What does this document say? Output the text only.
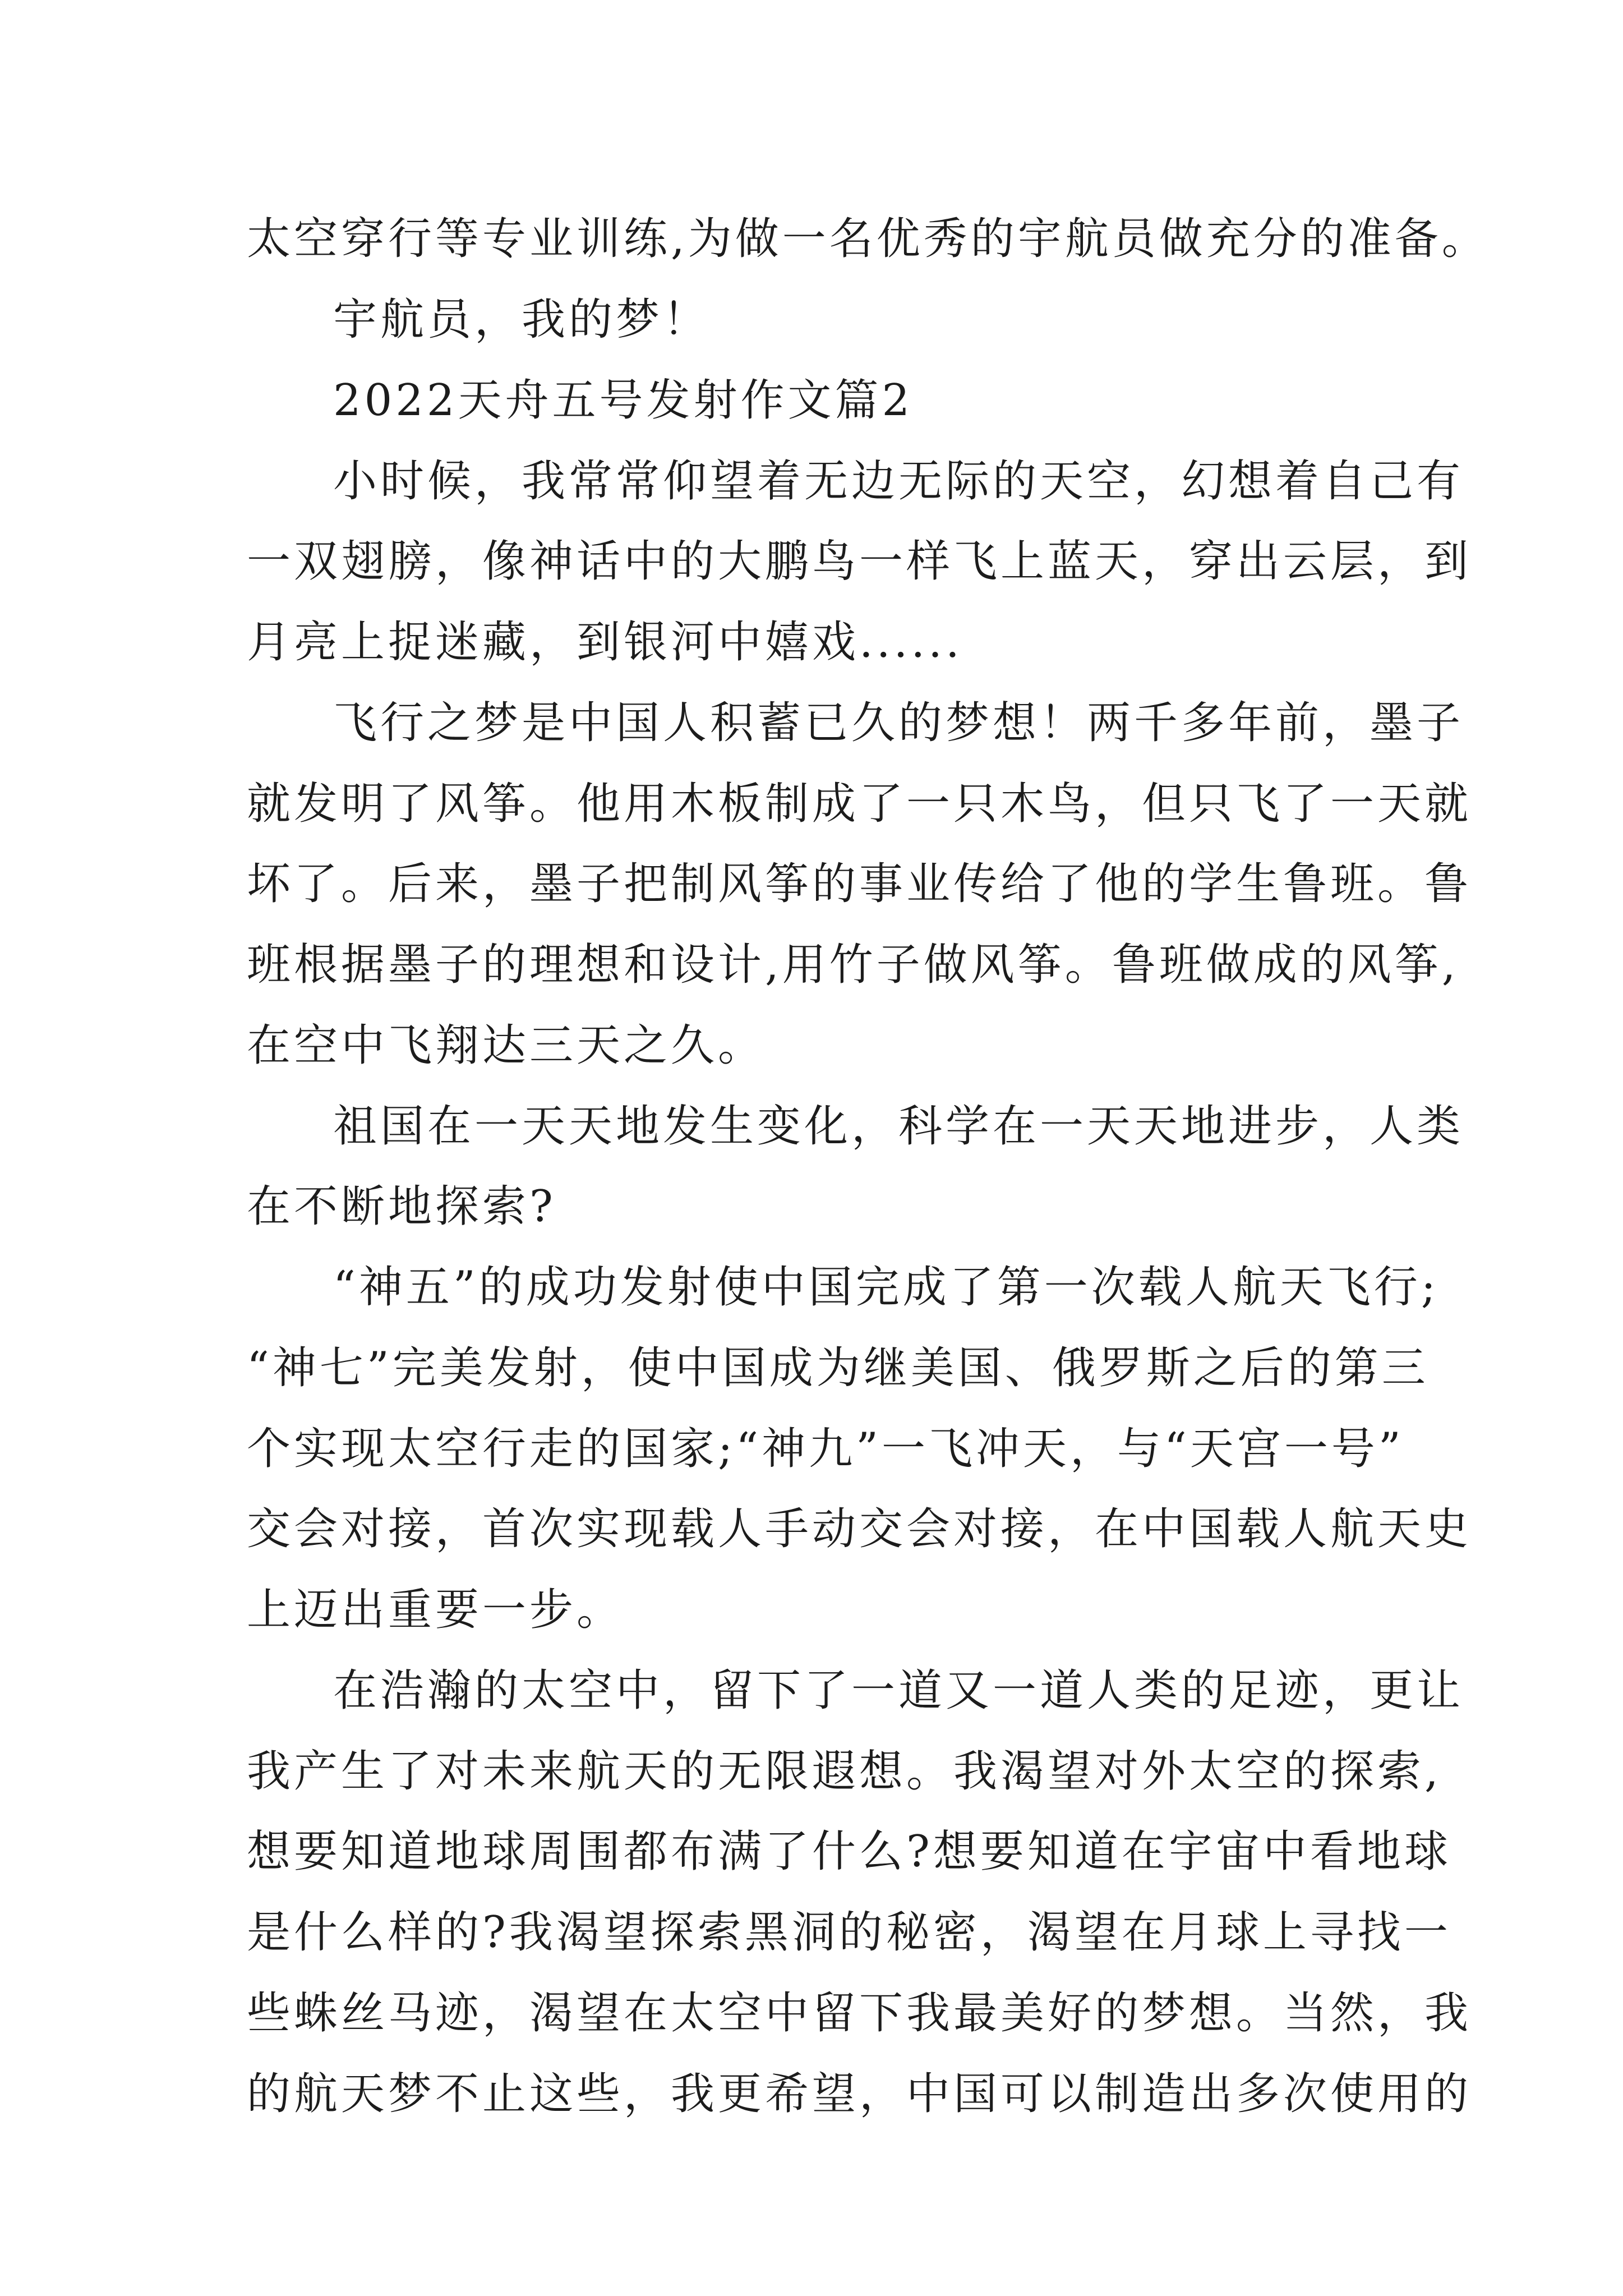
太空穿行等专业训练,为做一名优秀的宇航员做充分的准备。
宇航员，我的梦！
2022天舟五号发射作文篇2
小时候，我常常仰望着无边无际的天空，幻想着自己有
一双翅膀，像神话中的大鹏鸟一样飞上蓝天，穿出云层，到
月亮上捉迷藏，到银河中嬉戏......
飞行之梦是中国人积蓄已久的梦想！两千多年前，墨子
就发明了风筝。他用木板制成了一只木鸟，但只飞了一天就
坏了。后来，墨子把制风筝的事业传给了他的学生鲁班。鲁
班根据墨子的理想和设计,用竹子做风筝。鲁班做成的风筝,
在空中飞翔达三天之久。
祖国在一天天地发生变化，科学在一天天地进步，人类
在不断地探索?
“神五”的成功发射使中国完成了第一次载人航天飞行;
“神七”完美发射，使中国成为继美国、俄罗斯之后的第三
个实现太空行走的国家;“神九”一飞冲天，与“天宫一号”
交会对接，首次实现载人手动交会对接，在中国载人航天史
上迈出重要一步。
在浩瀚的太空中，留下了一道又一道人类的足迹，更让
我产生了对未来航天的无限遐想。我渴望对外太空的探索,
想要知道地球周围都布满了什么?想要知道在宇宙中看地球
是什么样的?我渴望探索黑洞的秘密，渴望在月球上寻找一
些蛛丝马迹，渴望在太空中留下我最美好的梦想。当然，我
的航天梦不止这些，我更希望，中国可以制造出多次使用的
